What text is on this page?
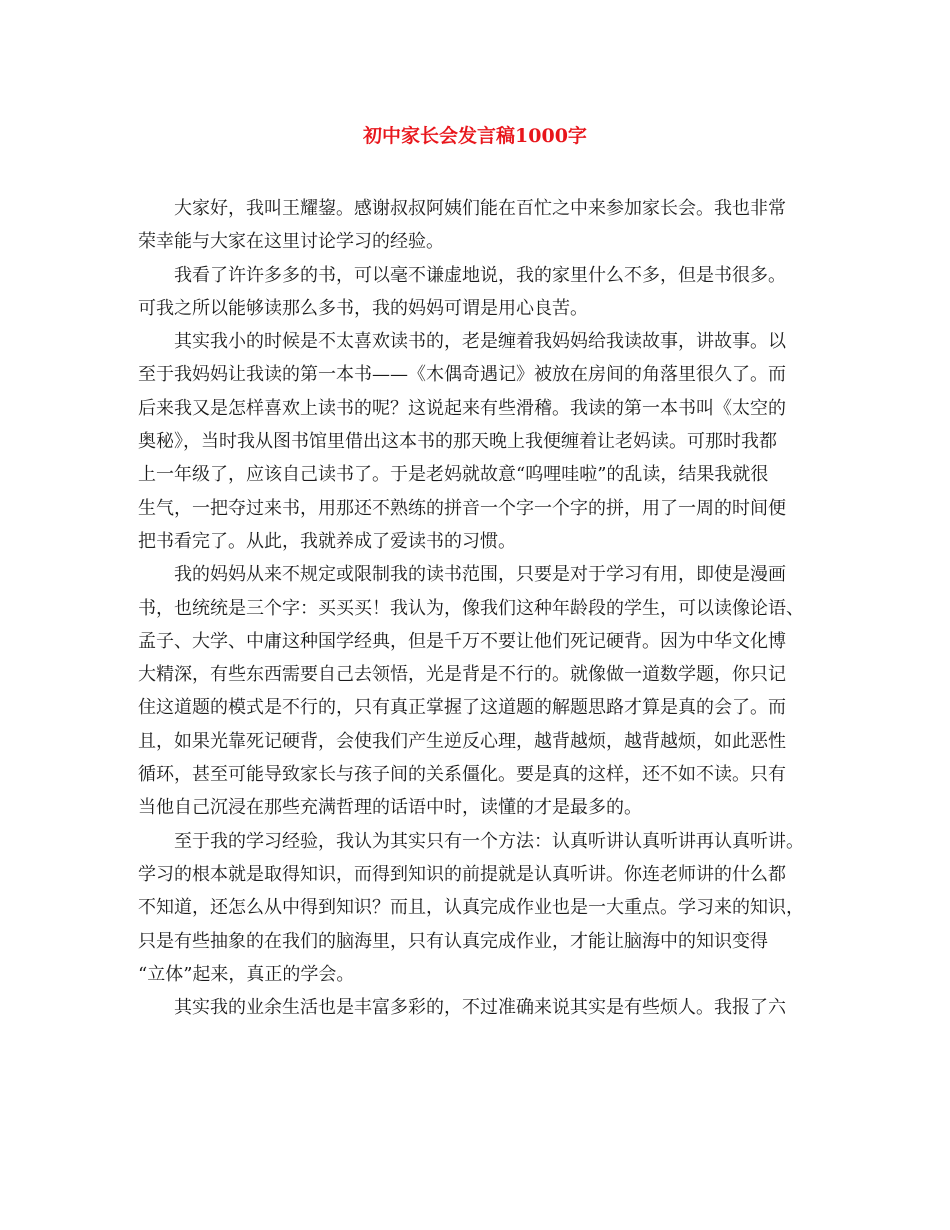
初中家长会发言稿1000字
大家好，我叫王耀鋆。感谢叔叔阿姨们能在百忙之中来参加家长会。我也非常
荣幸能与大家在这里讨论学习的经验。
我看了许许多多的书，可以毫不谦虚地说，我的家里什么不多，但是书很多。
可我之所以能够读那么多书，我的妈妈可谓是用心良苦。
其实我小的时候是不太喜欢读书的，老是缠着我妈妈给我读故事，讲故事。以
至于我妈妈让我读的第一本书——《木偶奇遇记》被放在房间的角落里很久了。而
后来我又是怎样喜欢上读书的呢？这说起来有些滑稽。我读的第一本书叫《太空的
奥秘》，当时我从图书馆里借出这本书的那天晚上我便缠着让老妈读。可那时我都
上一年级了，应该自己读书了。于是老妈就故意“呜哩哇啦”的乱读，结果我就很
生气，一把夺过来书，用那还不熟练的拼音一个字一个字的拼，用了一周的时间便
把书看完了。从此，我就养成了爱读书的习惯。
我的妈妈从来不规定或限制我的读书范围，只要是对于学习有用，即使是漫画
书，也统统是三个字：买买买！我认为，像我们这种年龄段的学生，可以读像论语、
孟子、大学、中庸这种国学经典，但是千万不要让他们死记硬背。因为中华文化博
大精深，有些东西需要自己去领悟，光是背是不行的。就像做一道数学题，你只记
住这道题的模式是不行的，只有真正掌握了这道题的解题思路才算是真的会了。而
且，如果光靠死记硬背，会使我们产生逆反心理，越背越烦，越背越烦，如此恶性
循环，甚至可能导致家长与孩子间的关系僵化。要是真的这样，还不如不读。只有
当他自己沉浸在那些充满哲理的话语中时，读懂的才是最多的。
至于我的学习经验，我认为其实只有一个方法：认真听讲认真听讲再认真听讲。
学习的根本就是取得知识，而得到知识的前提就是认真听讲。你连老师讲的什么都
不知道，还怎么从中得到知识？而且，认真完成作业也是一大重点。学习来的知识，
只是有些抽象的在我们的脑海里，只有认真完成作业，才能让脑海中的知识变得
“立体”起来，真正的学会。
其实我的业余生活也是丰富多彩的，不过准确来说其实是有些烦人。我报了六
